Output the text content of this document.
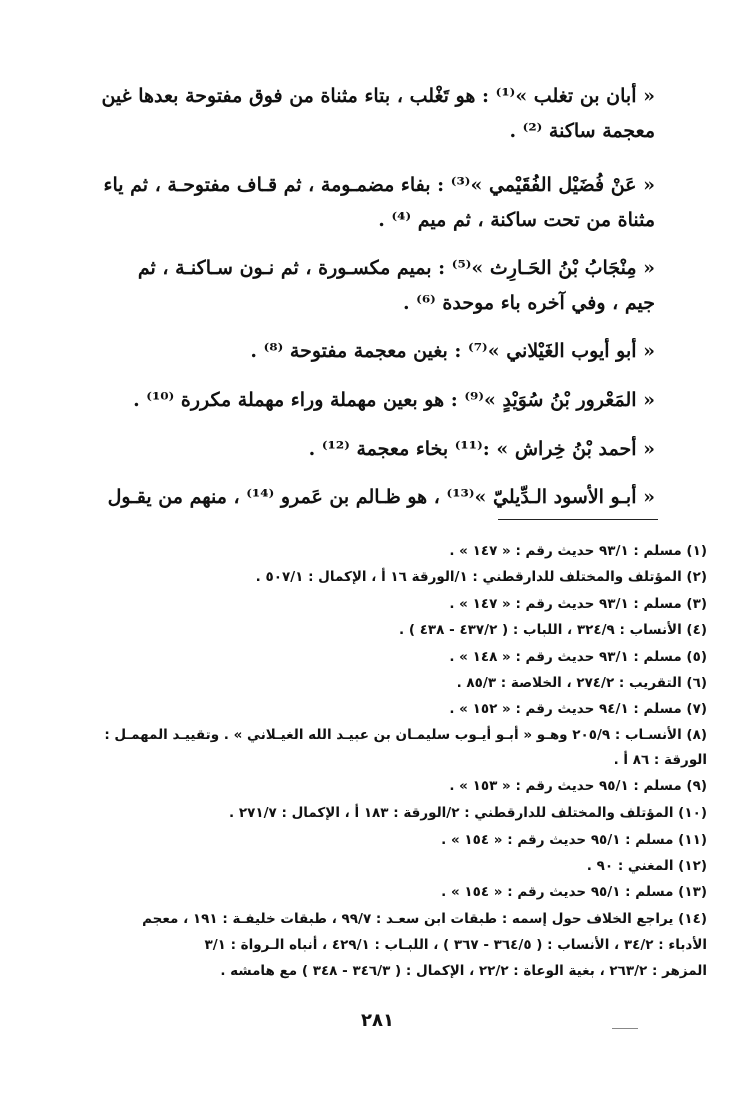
« أبان بن تغلب »⁽¹⁾ : هو تَغْلب ، بتاء مثناة من فوق مفتوحة بعدها غين
معجمة ساكنة ⁽²⁾ .
« عَنْ فُضَيْل الفُقَيْمي »⁽³⁾ : بفاء مضمـومة ، ثم قـاف مفتوحـة ، ثم ياء
مثناة من تحت ساكنة ، ثم ميم ⁽⁴⁾ .
« مِنْجَابُ بْنُ الحَـارِث »⁽⁵⁾ : بميم مكسـورة ، ثم نـون سـاكنـة ، ثم
جيم ، وفي آخره باء موحدة ⁽⁶⁾ .
« أبو أيوب الغَيْلاني »⁽⁷⁾ : بغين معجمة مفتوحة ⁽⁸⁾ .
« المَعْرور بْنُ سُوَيْدٍ »⁽⁹⁾ : هو بعين مهملة وراء مهملة مكررة ⁽¹⁰⁾ .
« أحمد بْنُ خِراش » :⁽¹¹⁾ بخاء معجمة ⁽¹²⁾ .
« أبـو الأسود الـدِّيليّ »⁽¹³⁾ ، هو ظـالم بن عَمرو ⁽¹⁴⁾ ، منهم من يقـول
(١) مسلم : ٩٣/١ حديث رقم : « ١٤٧ » .
(٢) المؤتلف والمختلف للدارقطني : ١/الورقة ١٦ أ ، الإكمال : ٥٠٧/١ .
(٣) مسلم : ٩٣/١ حديث رقم : « ١٤٧ » .
(٤) الأنساب : ٣٢٤/٩ ، اللباب : ( ٤٣٧/٢ - ٤٣٨ ) .
(٥) مسلم : ٩٣/١ حديث رقم : « ١٤٨ » .
(٦) التقريب : ٢٧٤/٢ ، الخلاصة : ٨٥/٣ .
(٧) مسلم : ٩٤/١ حديث رقم : « ١٥٢ » .
(٨) الأنسـاب : ٢٠٥/٩ وهـو « أبـو أيـوب سليمـان بن عبيـد الله الغيـلاني » . وتقييـد المهمـل :
الورقة : ٨٦ أ .
(٩) مسلم : ٩٥/١ حديث رقم : « ١٥٣ » .
(١٠) المؤتلف والمختلف للدارقطني : ٢/الورقة : ١٨٣ أ ، الإكمال : ٢٧١/٧ .
(١١) مسلم : ٩٥/١ حديث رقم : « ١٥٤ » .
(١٢) المغني : ٩٠ .
(١٣) مسلم : ٩٥/١ حديث رقم : « ١٥٤ » .
(١٤) يراجع الخلاف حول إسمه : طبقات ابن سعـد : ٩٩/٧ ، طبقات خليفـة : ١٩١ ، معجم
الأدباء : ٣٤/٢ ، الأنساب : ( ٣٦٤/٥ - ٣٦٧ ) ، اللبـاب : ٤٢٩/١ ، أنباه الـرواة : ٣/١
المزهر : ٢٦٣/٢ ، بغية الوعاة : ٢٢/٢ ، الإكمال : ( ٣٤٦/٣ - ٣٤٨ ) مع هامشه .
٢٨١
